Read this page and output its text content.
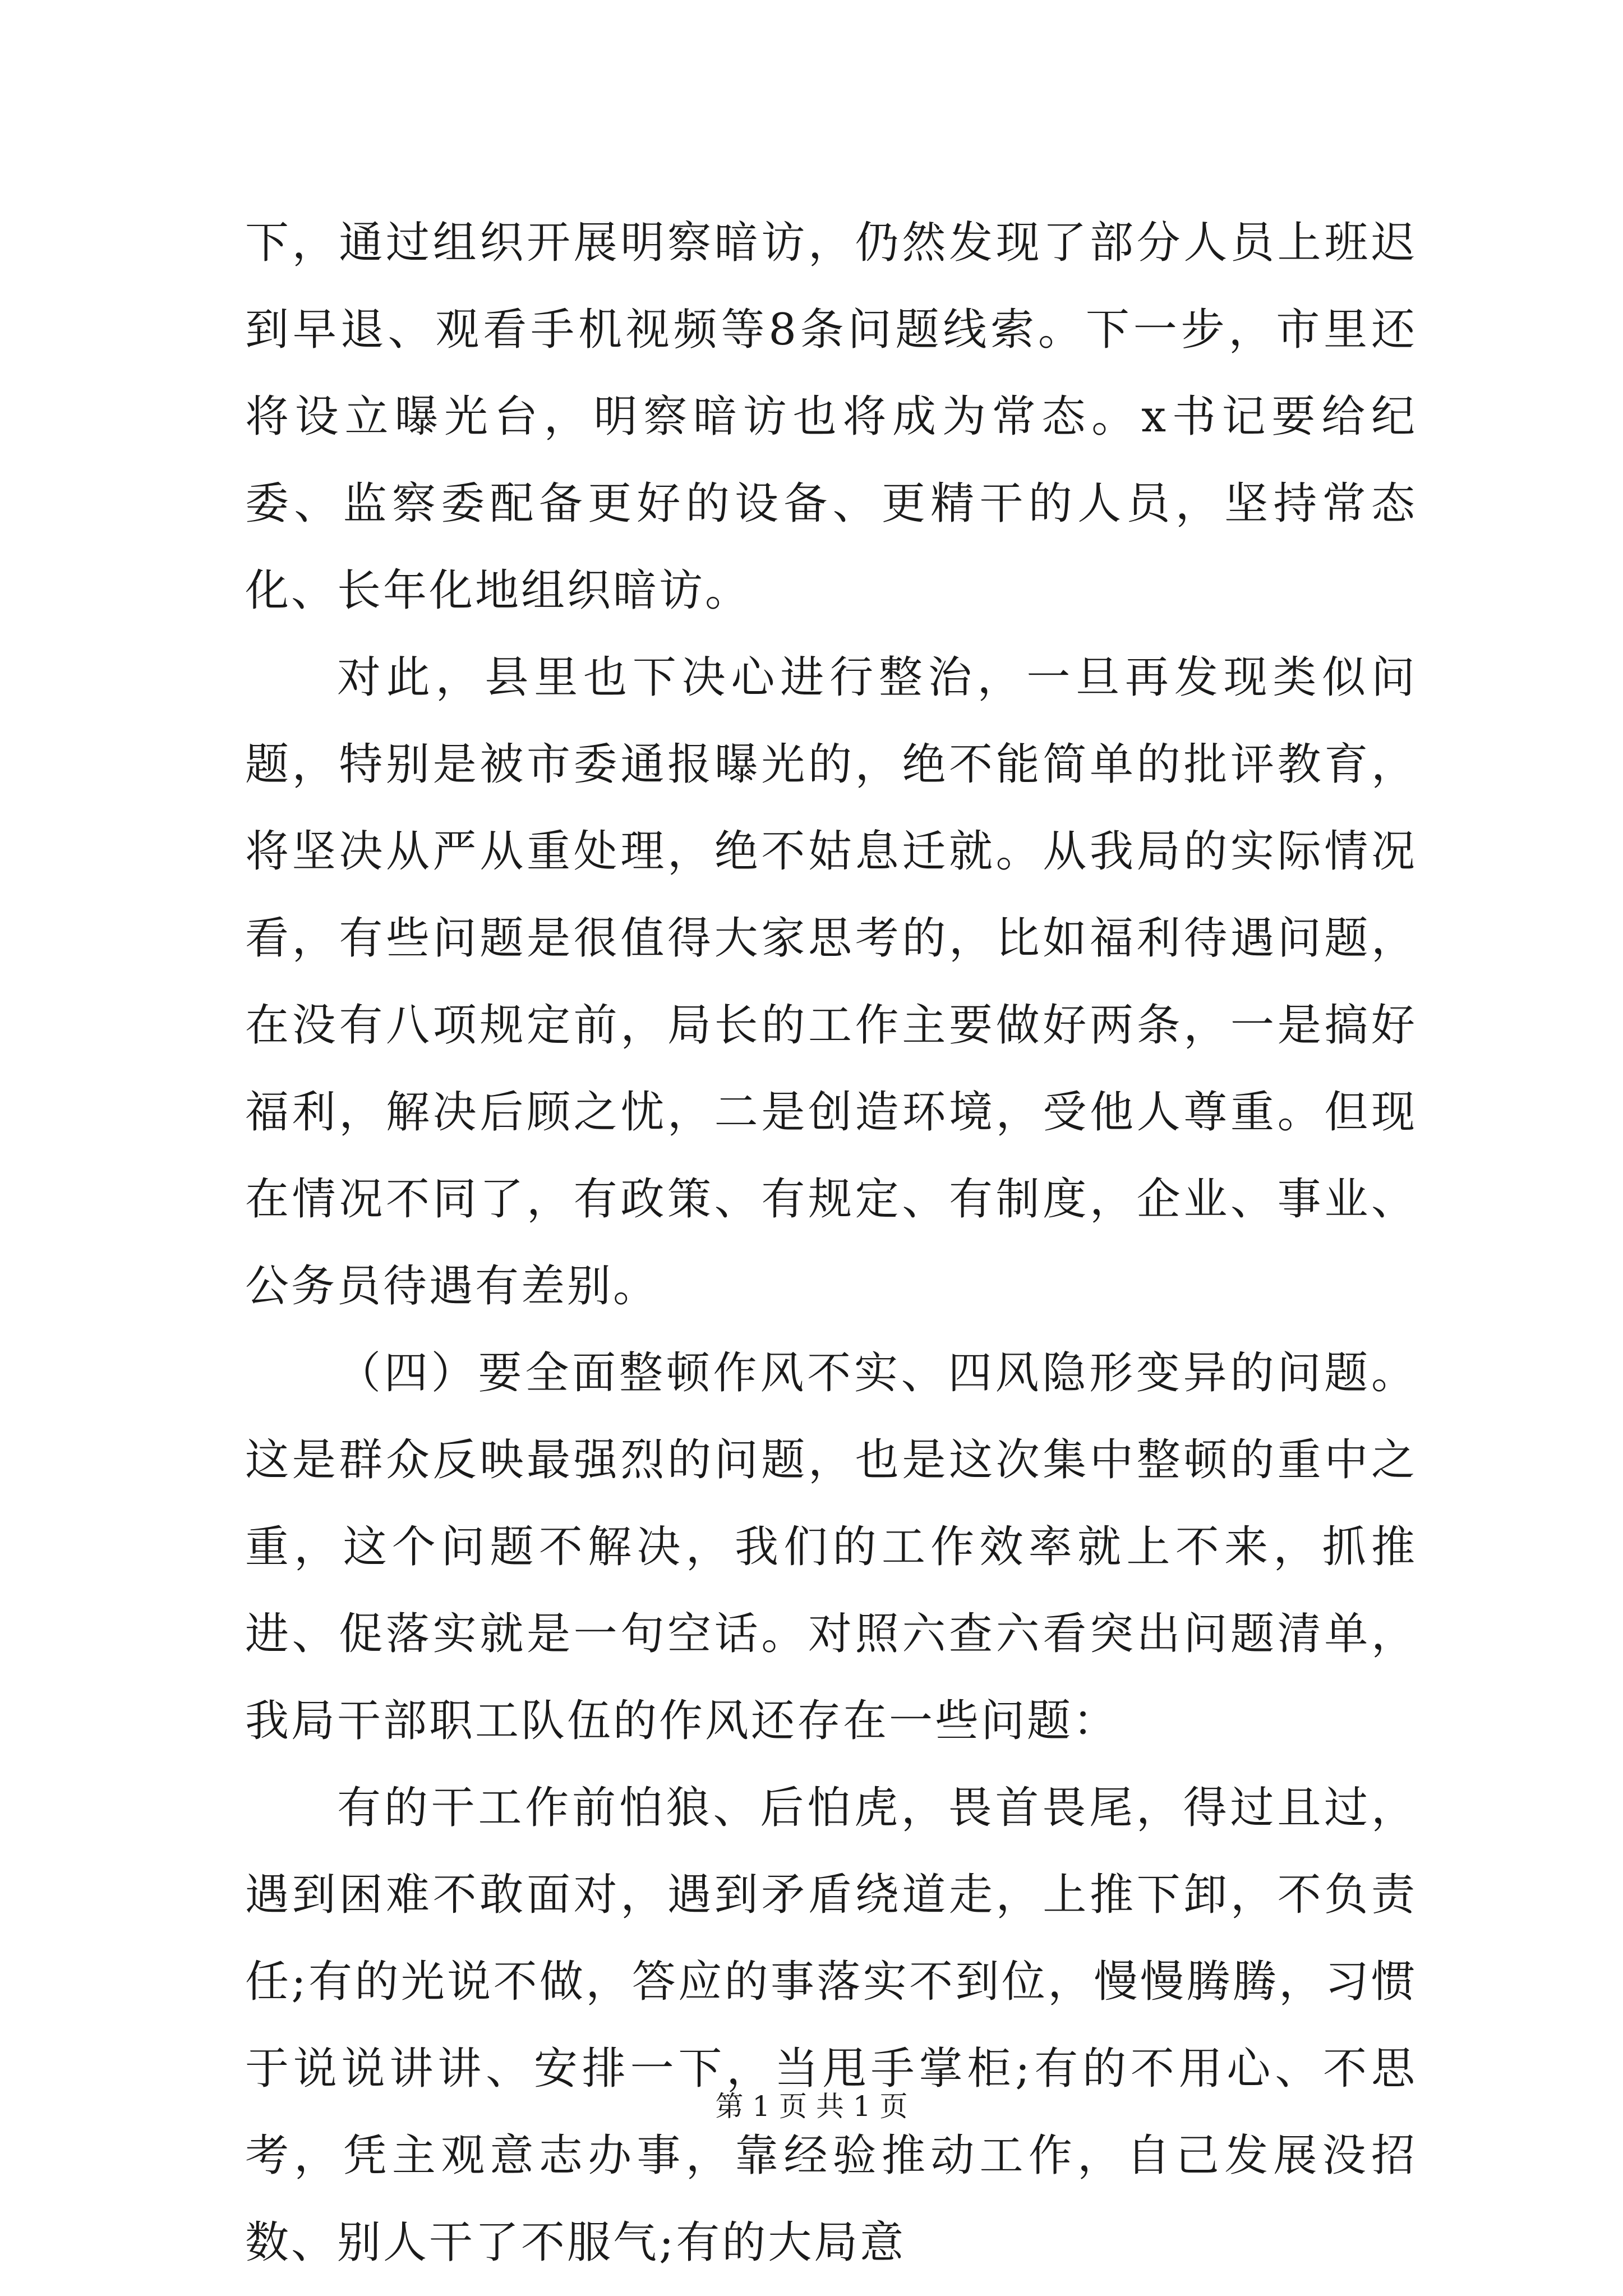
下，通过组织开展明察暗访，仍然发现了部分人员上班迟到早退、观看手机视频等8条问题线索。下一步，市里还将设立曝光台，明察暗访也将成为常态。x书记要给纪委、监察委配备更好的设备、更精干的人员，坚持常态化、长年化地组织暗访。

对此，县里也下决心进行整治，一旦再发现类似问题，特别是被市委通报曝光的，绝不能简单的批评教育，将坚决从严从重处理，绝不姑息迁就。从我局的实际情况看，有些问题是很值得大家思考的，比如福利待遇问题，在没有八项规定前，局长的工作主要做好两条，一是搞好福利，解决后顾之忧，二是创造环境，受他人尊重。但现在情况不同了，有政策、有规定、有制度，企业、事业、公务员待遇有差别。

（四）要全面整顿作风不实、四风隐形变异的问题。这是群众反映最强烈的问题，也是这次集中整顿的重中之重，这个问题不解决，我们的工作效率就上不来，抓推进、促落实就是一句空话。对照六查六看突出问题清单，我局干部职工队伍的作风还存在一些问题：

有的干工作前怕狼、后怕虎，畏首畏尾，得过且过，遇到困难不敢面对，遇到矛盾绕道走，上推下卸，不负责任;有的光说不做，答应的事落实不到位，慢慢腾腾，习惯于说说讲讲、安排一下，当甩手掌柜;有的不用心、不思考，凭主观意志办事，靠经验推动工作，自己发展没招数、别人干了不服气;有的大局意

第 1 页 共 1 页
